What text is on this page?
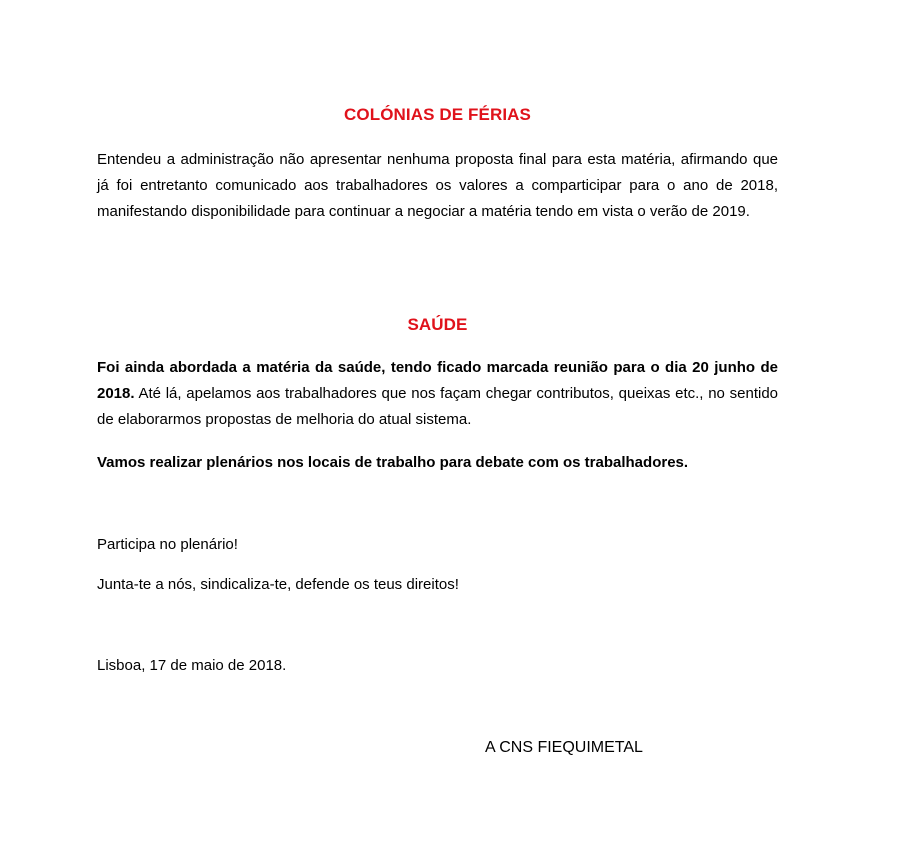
COLÓNIAS DE FÉRIAS

Entendeu a administração não apresentar nenhuma proposta final para esta matéria, afirmando que já foi entretanto comunicado aos trabalhadores os valores a comparticipar para o ano de 2018, manifestando disponibilidade para continuar a negociar a matéria tendo em vista o verão de 2019.

SAÚDE

Foi ainda abordada a matéria da saúde, tendo ficado marcada reunião para o dia 20 junho de 2018. Até lá, apelamos aos trabalhadores que nos façam chegar contributos, queixas etc., no sentido de elaborarmos propostas de melhoria do atual sistema.

Vamos realizar plenários nos locais de trabalho para debate com os trabalhadores.

Participa no plenário!

Junta-te a nós, sindicaliza-te, defende os teus direitos!

Lisboa, 17 de maio de 2018.

A CNS FIEQUIMETAL
